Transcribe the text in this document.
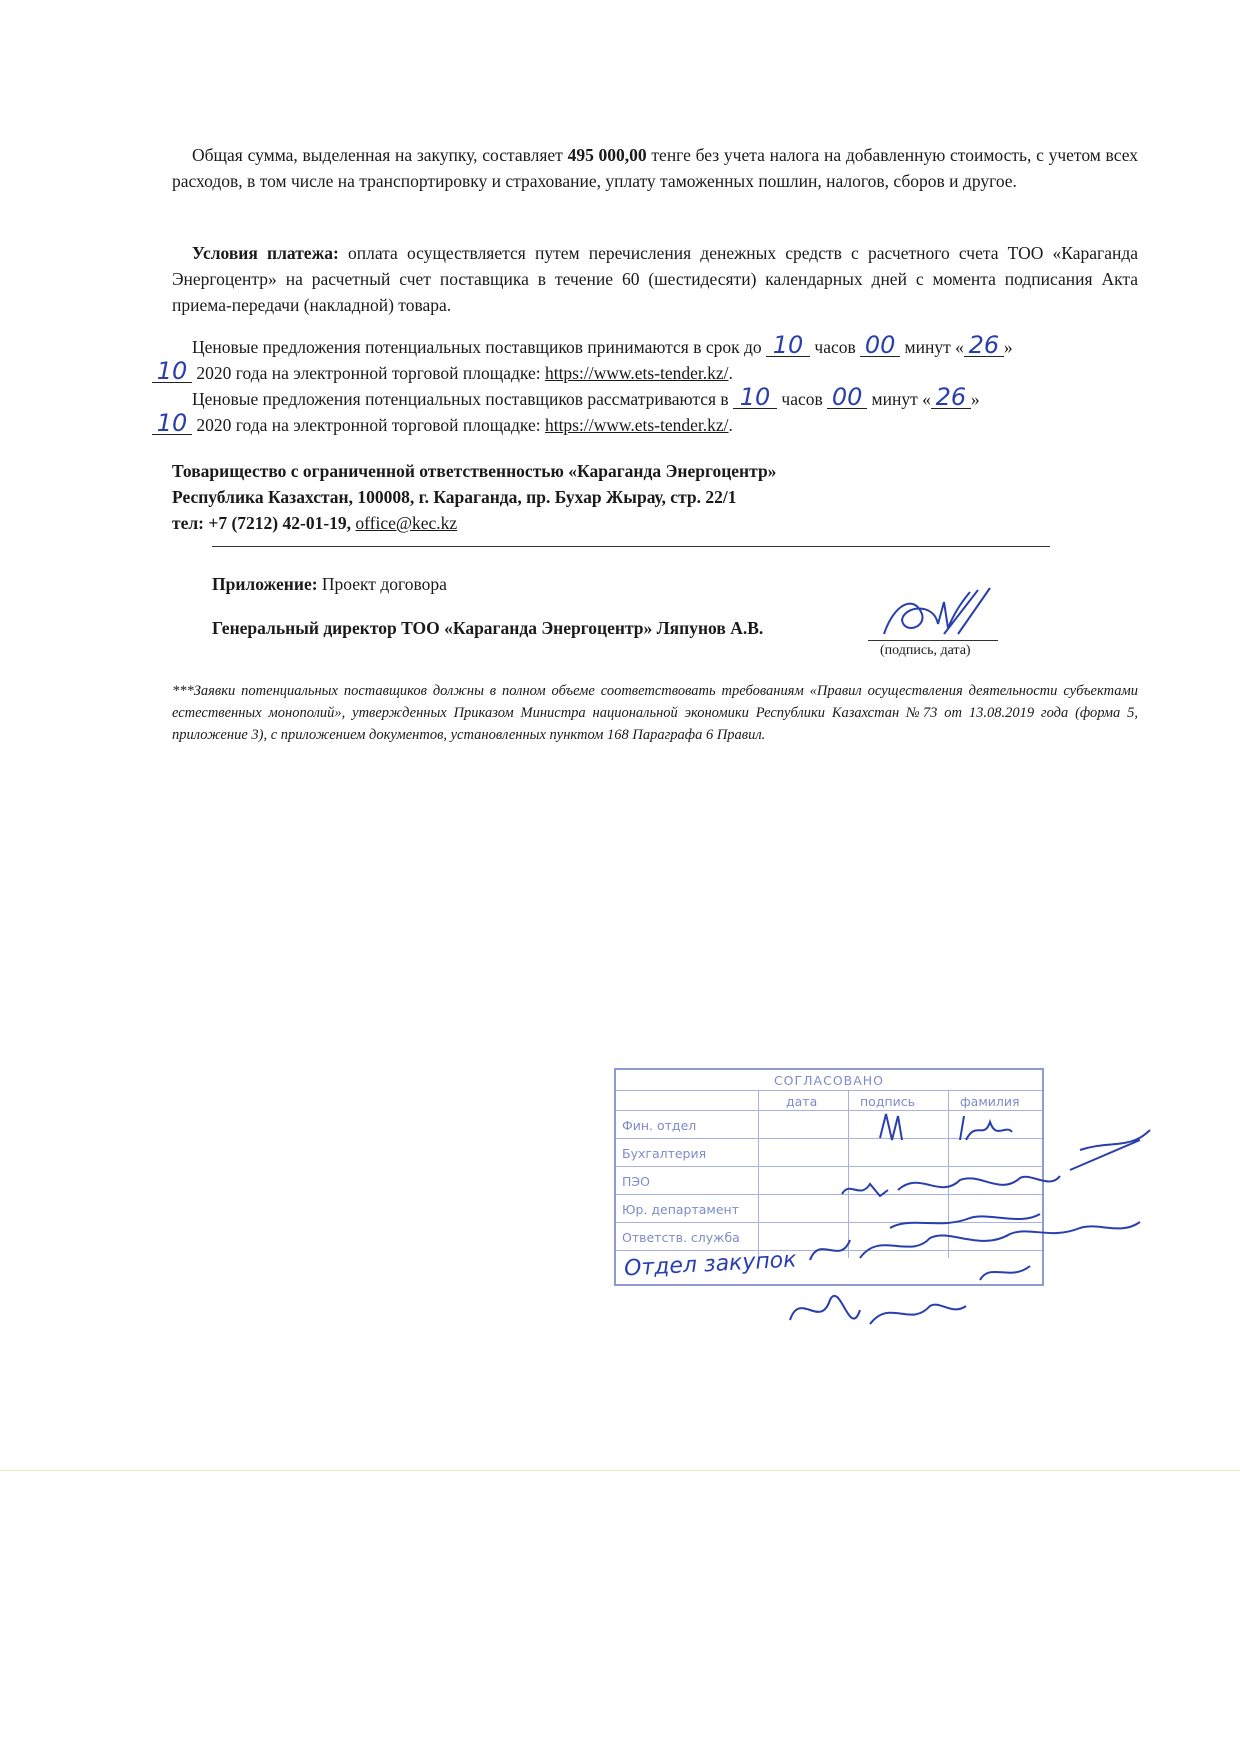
Общая сумма, выделенная на закупку, составляет 495 000,00 тенге без учета налога на добавленную стоимость, с учетом всех расходов, в том числе на транспортировку и страхование, уплату таможенных пошлин, налогов, сборов и другое.
Условия платежа: оплата осуществляется путем перечисления денежных средств с расчетного счета ТОО «Караганда Энергоцентр» на расчетный счет поставщика в течение 60 (шестидесяти) календарных дней с момента подписания Акта приема-передачи (накладной) товара.
Ценовые предложения потенциальных поставщиков принимаются в срок до 10 часов 00 минут « 26 »
10 2020 года на электронной торговой площадке: https://www.ets-tender.kz/.
Ценовые предложения потенциальных поставщиков рассматриваются в 10 часов 00 минут « 26 »
10 2020 года на электронной торговой площадке: https://www.ets-tender.kz/.
Товарищество с ограниченной ответственностью «Караганда Энергоцентр»
Республика Казахстан, 100008, г. Караганда, пр. Бухар Жырау, стр. 22/1
тел: +7 (7212) 42-01-19, office@kec.kz
Приложение: Проект договора
Генеральный директор ТОО «Караганда Энергоцентр» Ляпунов А.В.
(подпись, дата)
***Заявки потенциальных поставщиков должны в полном объеме соответствовать требованиям «Правил осуществления деятельности субъектами естественных монополий», утвержденных Приказом Министра национальной экономики Республики Казахстан №73 от 13.08.2019 года (форма 5, приложение 3), с приложением документов, установленных пунктом 168 Параграфа 6 Правил.
СОГЛАСОВАНО
дата	подпись	фамилия
Фин. отдел
Бухгалтерия
ПЭО
Юр. департамент
Ответств. служба
Отдел закупок
